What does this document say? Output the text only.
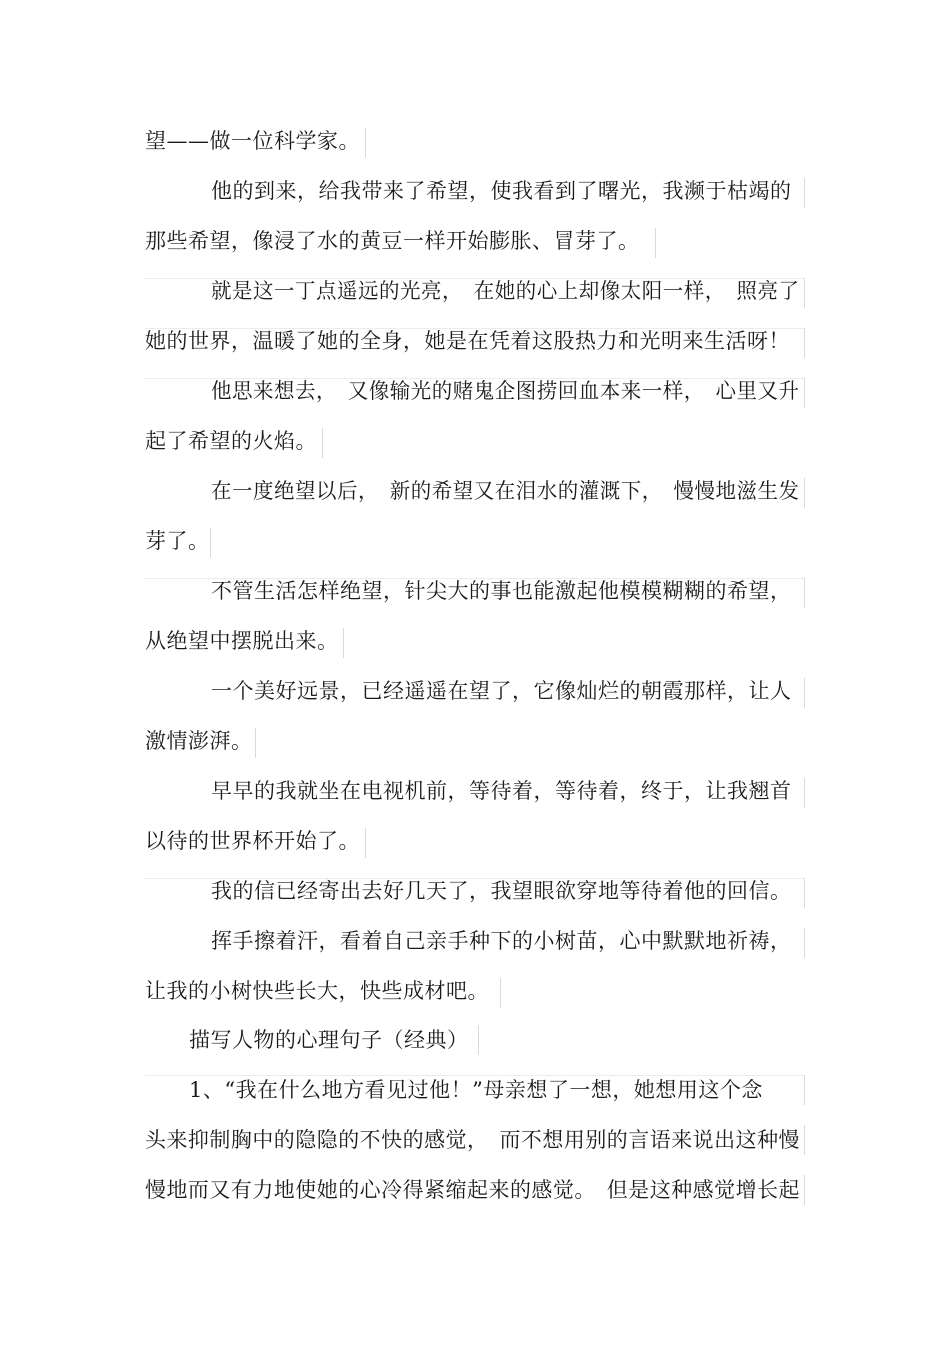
望——做一位科学家。
他的到来，给我带来了希望，使我看到了曙光，我濒于枯竭的
那些希望，像浸了水的黄豆一样开始膨胀、冒芽了。
就是这一丁点遥远的光亮，　在她的心上却像太阳一样，　照亮了
她的世界，温暖了她的全身，她是在凭着这股热力和光明来生活呀！
他思来想去，　又像输光的赌鬼企图捞回血本来一样，　心里又升
起了希望的火焰。
在一度绝望以后，　新的希望又在泪水的灌溉下，　慢慢地滋生发
芽了。
不管生活怎样绝望，针尖大的事也能激起他模模糊糊的希望，
从绝望中摆脱出来。
一个美好远景，已经遥遥在望了，它像灿烂的朝霞那样，让人
激情澎湃。
早早的我就坐在电视机前，等待着，等待着，终于，让我翘首
以待的世界杯开始了。
我的信已经寄出去好几天了，我望眼欲穿地等待着他的回信。
挥手擦着汗，看着自己亲手种下的小树苗，心中默默地祈祷，
让我的小树快些长大，快些成材吧。
描写人物的心理句子（经典）
1、“我在什么地方看见过他！”母亲想了一想，她想用这个念
头来抑制胸中的隐隐的不快的感觉，　而不想用别的言语来说出这种慢
慢地而又有力地使她的心冷得紧缩起来的感觉。　但是这种感觉增长起
